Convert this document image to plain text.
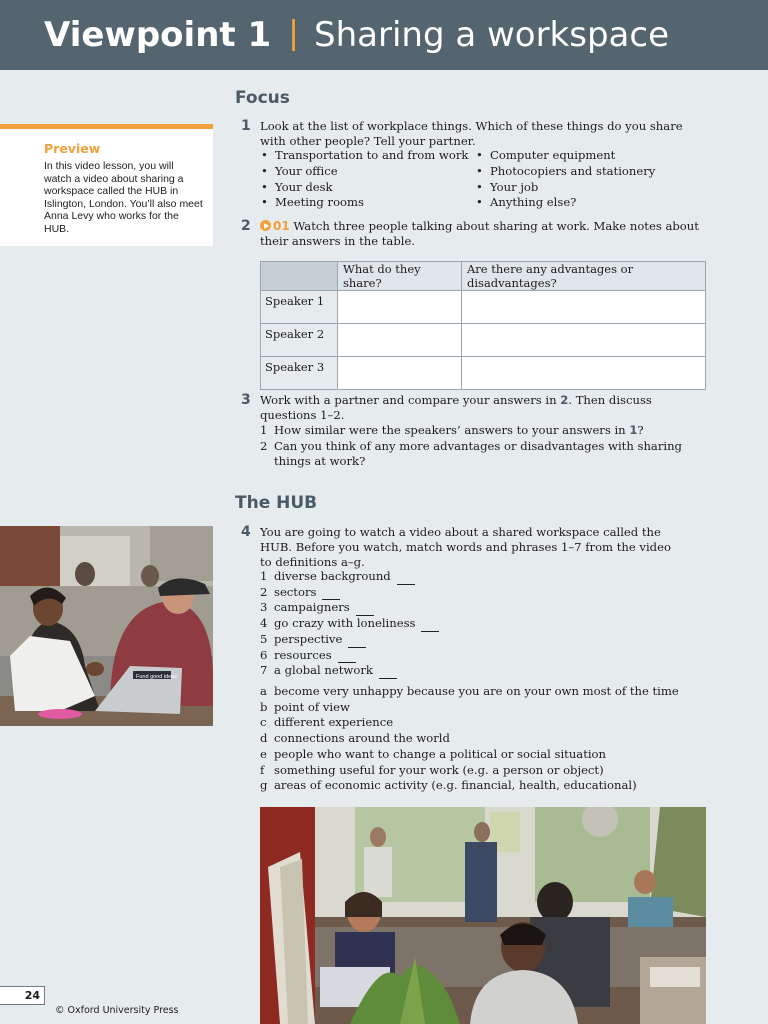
Viewpoint 1 | Sharing a workspace
Focus
Preview

In this video lesson, you will watch a video about sharing a workspace called the HUB in Islington, London. You’ll also meet Anna Levy who works for the HUB.

1 Look at the list of workplace things. Which of these things do you share with other people? Tell your partner.

• Transportation to and from work
• Your office
• Your desk
• Meeting rooms
• Computer equipment
• Photocopiers and stationery
• Your job
• Anything else?
2	01 Watch three people talking about sharing at work. Make notes about their answers in the table.

	What do they share?	Are there any advantages or disadvantages?
Speaker 1		
Speaker 2		
Speaker 3		
3 Work with a partner and compare your answers in 2. Then discuss questions 1–2.

1 How similar were the speakers’ answers to your answers in 1?
2 Can you think of any more advantages or disadvantages with sharing things at work?
The HUB
Fund good ideas
4 You are going to watch a video about a shared workspace called the HUB. Before you watch, match words and phrases 1–7 from the video to definitions a–g.

1 diverse background
2 sectors
3 campaigners
4 go crazy with loneliness
5 perspective
6 resources
7 a global network
a become very unhappy because you are on your own most of the time
b point of view
c different experience
d connections around the world
e people who want to change a political or social situation
f something useful for your work (e.g. a person or object)
g areas of economic activity (e.g. financial, health, educational)
24
© Oxford University Press
